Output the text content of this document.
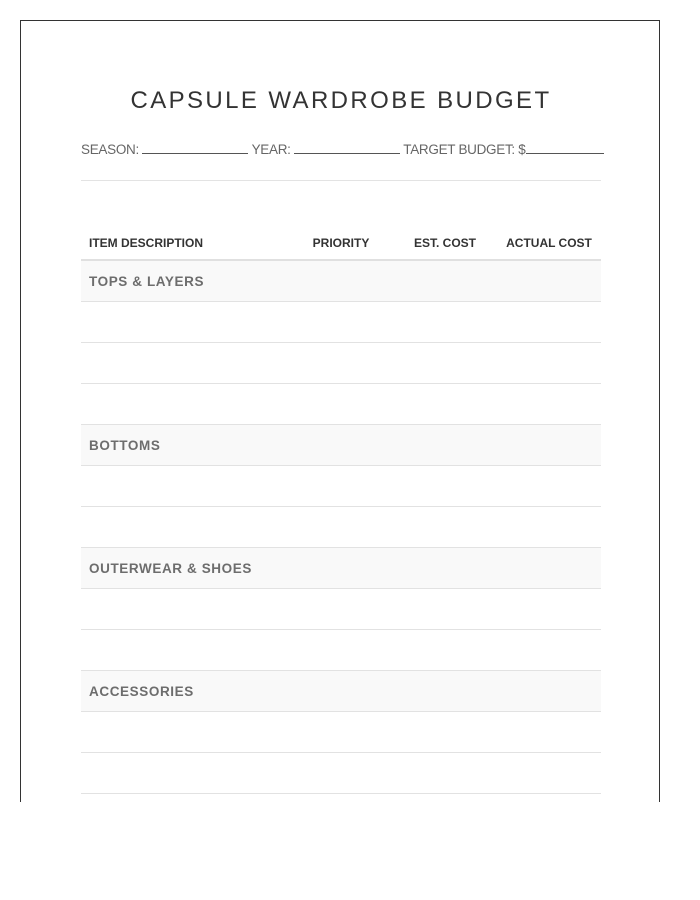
CAPSULE WARDROBE BUDGET
SEASON:	YEAR:	TARGET BUDGET: $
ITEM DESCRIPTION	PRIORITY	EST. COST	ACTUAL COST
TOPS & LAYERS
BOTTOMS
OUTERWEAR & SHOES
ACCESSORIES
